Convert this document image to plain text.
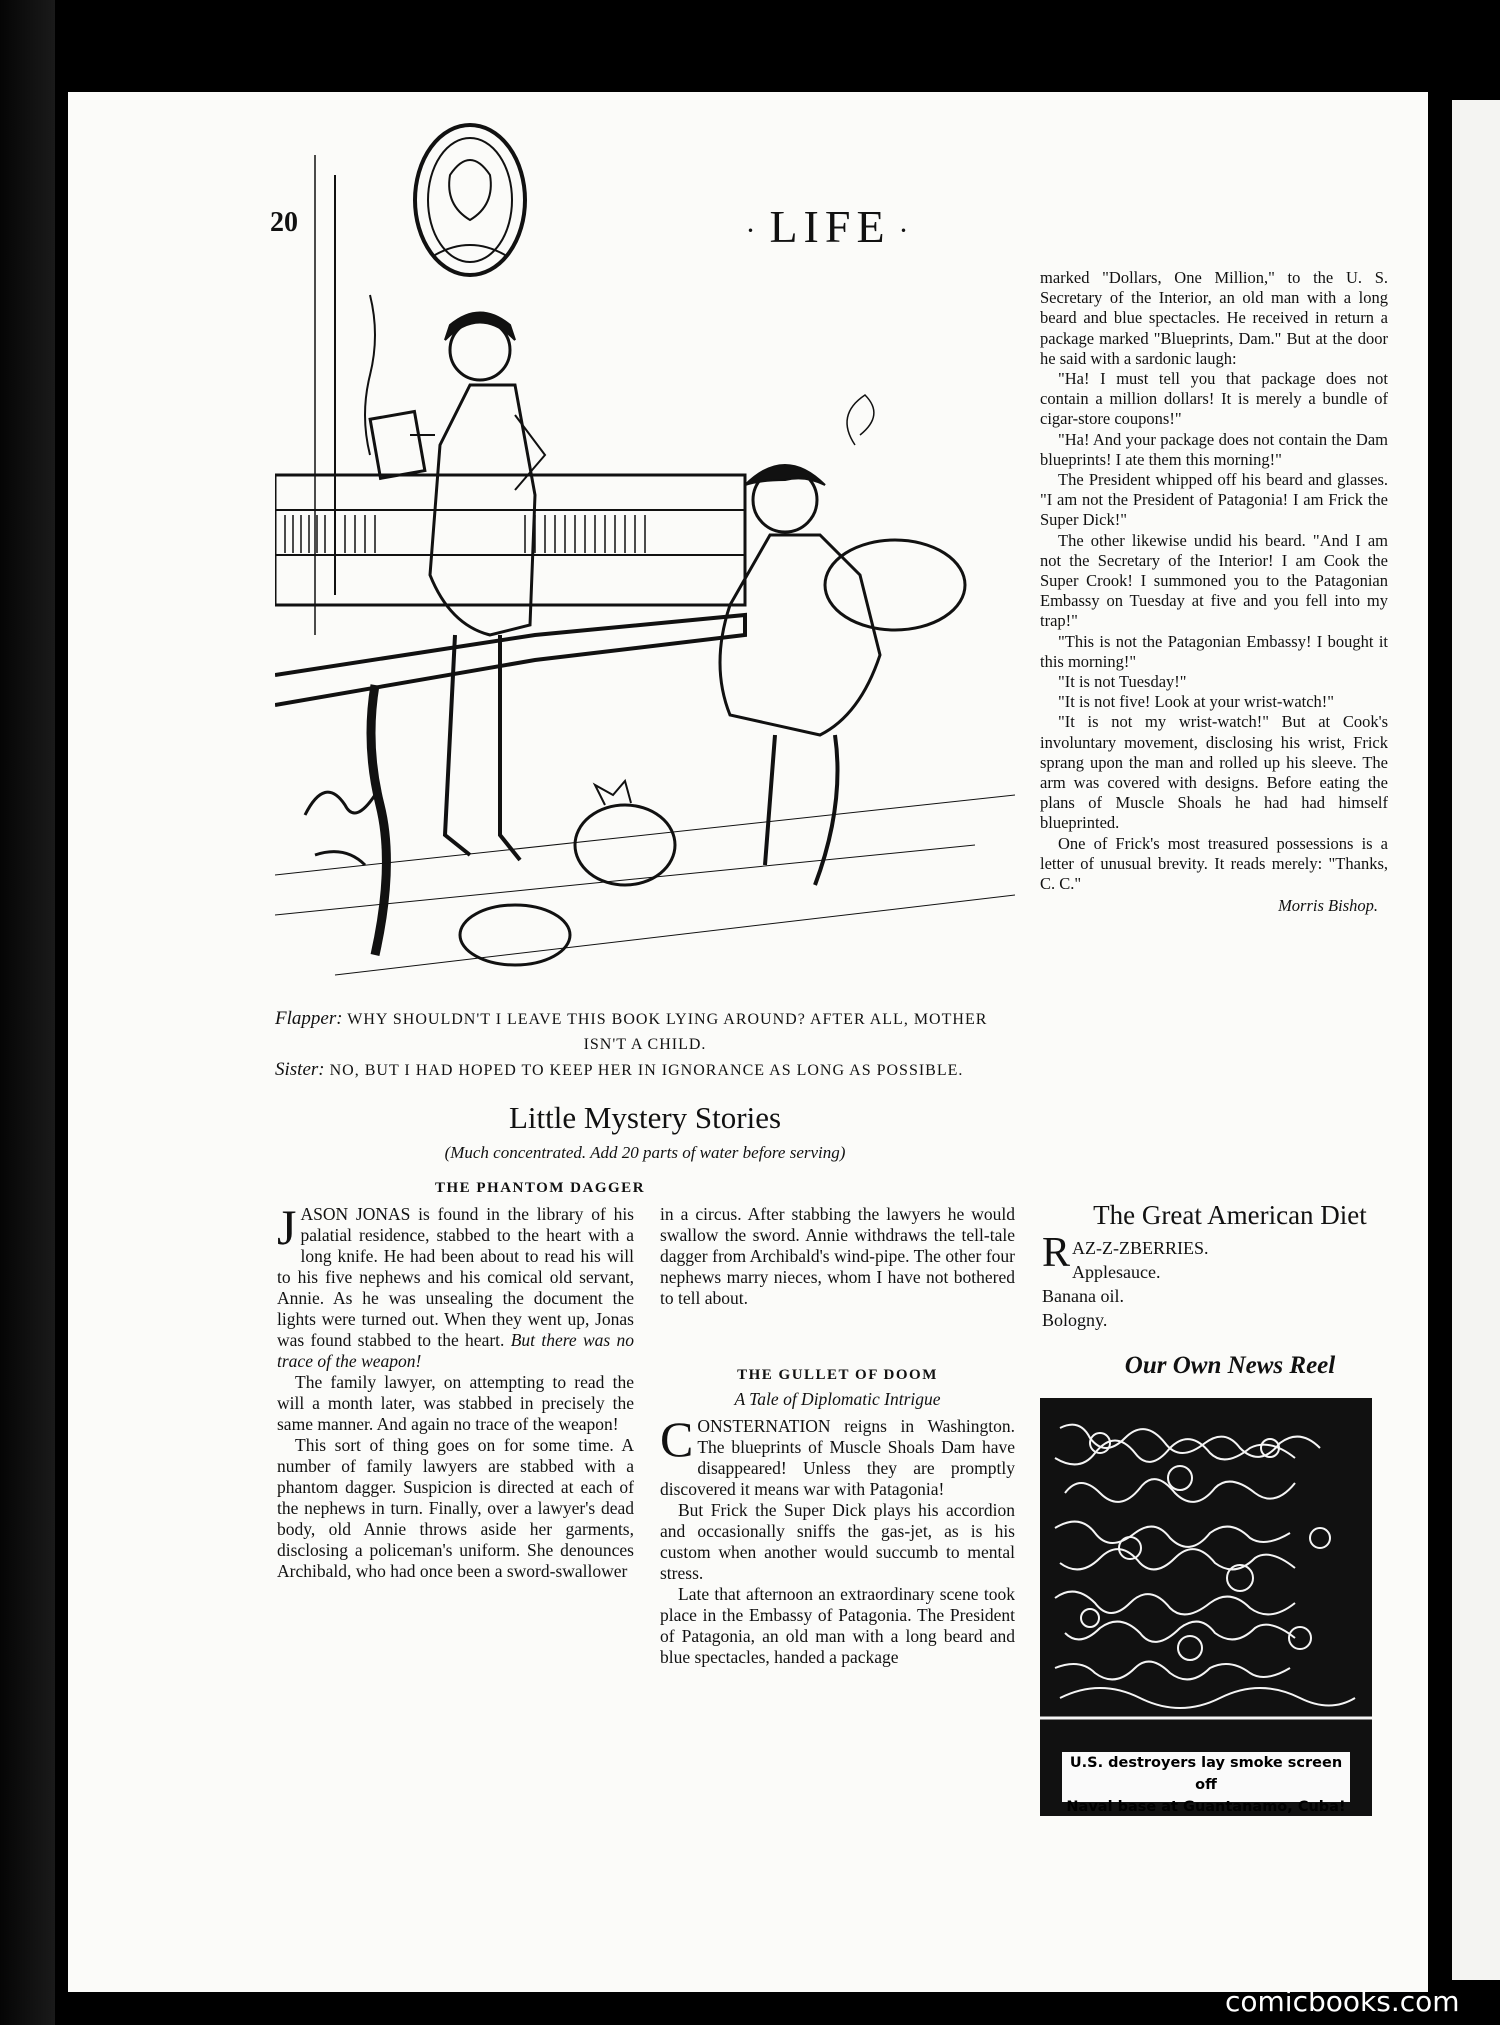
20	· LIFE ·
Flapper: WHY SHOULDN'T I LEAVE THIS BOOK LYING AROUND? AFTER ALL, MOTHER
ISN'T A CHILD.
Sister: NO, BUT I HAD HOPED TO KEEP HER IN IGNORANCE AS LONG AS POSSIBLE.
Little Mystery Stories
(Much concentrated. Add 20 parts of water before serving)
THE PHANTOM DAGGER

JASON JONAS is found in the library of his palatial residence, stabbed to the heart with a long knife. He had been about to read his will to his five nephews and his comical old servant, Annie. As he was unsealing the document the lights were turned out. When they went up, Jonas was found stabbed to the heart. But there was no trace of the weapon!

The family lawyer, on attempting to read the will a month later, was stabbed in precisely the same manner. And again no trace of the weapon!

This sort of thing goes on for some time. A number of family lawyers are stabbed with a phantom dagger. Suspicion is directed at each of the nephews in turn. Finally, over a lawyer's dead body, old Annie throws aside her garments, disclosing a policeman's uniform. She denounces Archibald, who had once been a sword-swallower

in a circus. After stabbing the lawyers he would swallow the sword. Annie withdraws the tell-tale dagger from Archibald's wind-pipe. The other four nephews marry nieces, whom I have not bothered to tell about.

THE GULLET OF DOOM
A Tale of Diplomatic Intrigue

CONSTERNATION reigns in Washington. The blueprints of Muscle Shoals Dam have disappeared! Unless they are promptly discovered it means war with Patagonia!

But Frick the Super Dick plays his accordion and occasionally sniffs the gas-jet, as is his custom when another would succumb to mental stress.

Late that afternoon an extraordinary scene took place in the Embassy of Patagonia. The President of Patagonia, an old man with a long beard and blue spectacles, handed a package

marked "Dollars, One Million," to the U. S. Secretary of the Interior, an old man with a long beard and blue spectacles. He received in return a package marked "Blueprints, Dam." But at the door he said with a sardonic laugh:

"Ha! I must tell you that package does not contain a million dollars! It is merely a bundle of cigar-store coupons!"

"Ha! And your package does not contain the Dam blueprints! I ate them this morning!"

The President whipped off his beard and glasses. "I am not the President of Patagonia! I am Frick the Super Dick!"

The other likewise undid his beard. "And I am not the Secretary of the Interior! I am Cook the Super Crook! I summoned you to the Patagonian Embassy on Tuesday at five and you fell into my trap!"

"This is not the Patagonian Embassy! I bought it this morning!"

"It is not Tuesday!"

"It is not five! Look at your wrist-watch!"

"It is not my wrist-watch!" But at Cook's involuntary movement, disclosing his wrist, Frick sprang upon the man and rolled up his sleeve. The arm was covered with designs. Before eating the plans of Muscle Shoals he had had himself blueprinted.

One of Frick's most treasured possessions is a letter of unusual brevity. It reads merely: "Thanks, C. C."

Morris Bishop.
The Great American Diet
R AZ-Z-ZBERRIES.
Applesauce.
Banana oil.
Bologny.
Our Own News Reel
U.S. destroyers lay smoke screen off
Naval base at Guantanamo, Cuba!
comicbooks.com
